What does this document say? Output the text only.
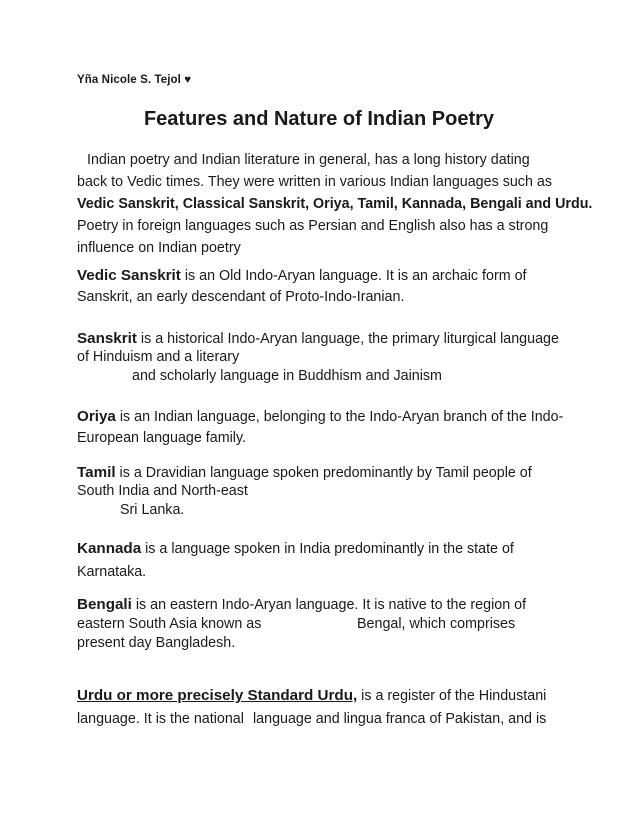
Yña Nicole S. Tejol ♥
Features and Nature of Indian Poetry
Indian poetry and Indian literature in general, has a long history dating
back to Vedic times. They were written in various Indian languages such as
Vedic Sanskrit, Classical Sanskrit, Oriya, Tamil, Kannada, Bengali and Urdu.
Poetry in foreign languages such as Persian and English also has a strong
influence on Indian poetry
Vedic Sanskrit is an Old Indo-Aryan language. It is an archaic form of
Sanskrit, an early descendant of Proto-Indo-Iranian.
Sanskrit is a historical Indo-Aryan language, the primary liturgical language
of Hinduism and a literary
and scholarly language in Buddhism and Jainism
Oriya is an Indian language, belonging to the Indo-Aryan branch of the Indo-
European language family.
Tamil is a Dravidian language spoken predominantly by Tamil people of
South India and North-east
Sri Lanka.
Kannada is a language spoken in India predominantly in the state of
Karnataka.
Bengali is an eastern Indo-Aryan language. It is native to the region of
eastern South Asia known as	Bengal, which comprises
present day Bangladesh.
Urdu or more precisely Standard Urdu, is a register of the Hindustani
language. It is the national language and lingua franca of Pakistan, and is
